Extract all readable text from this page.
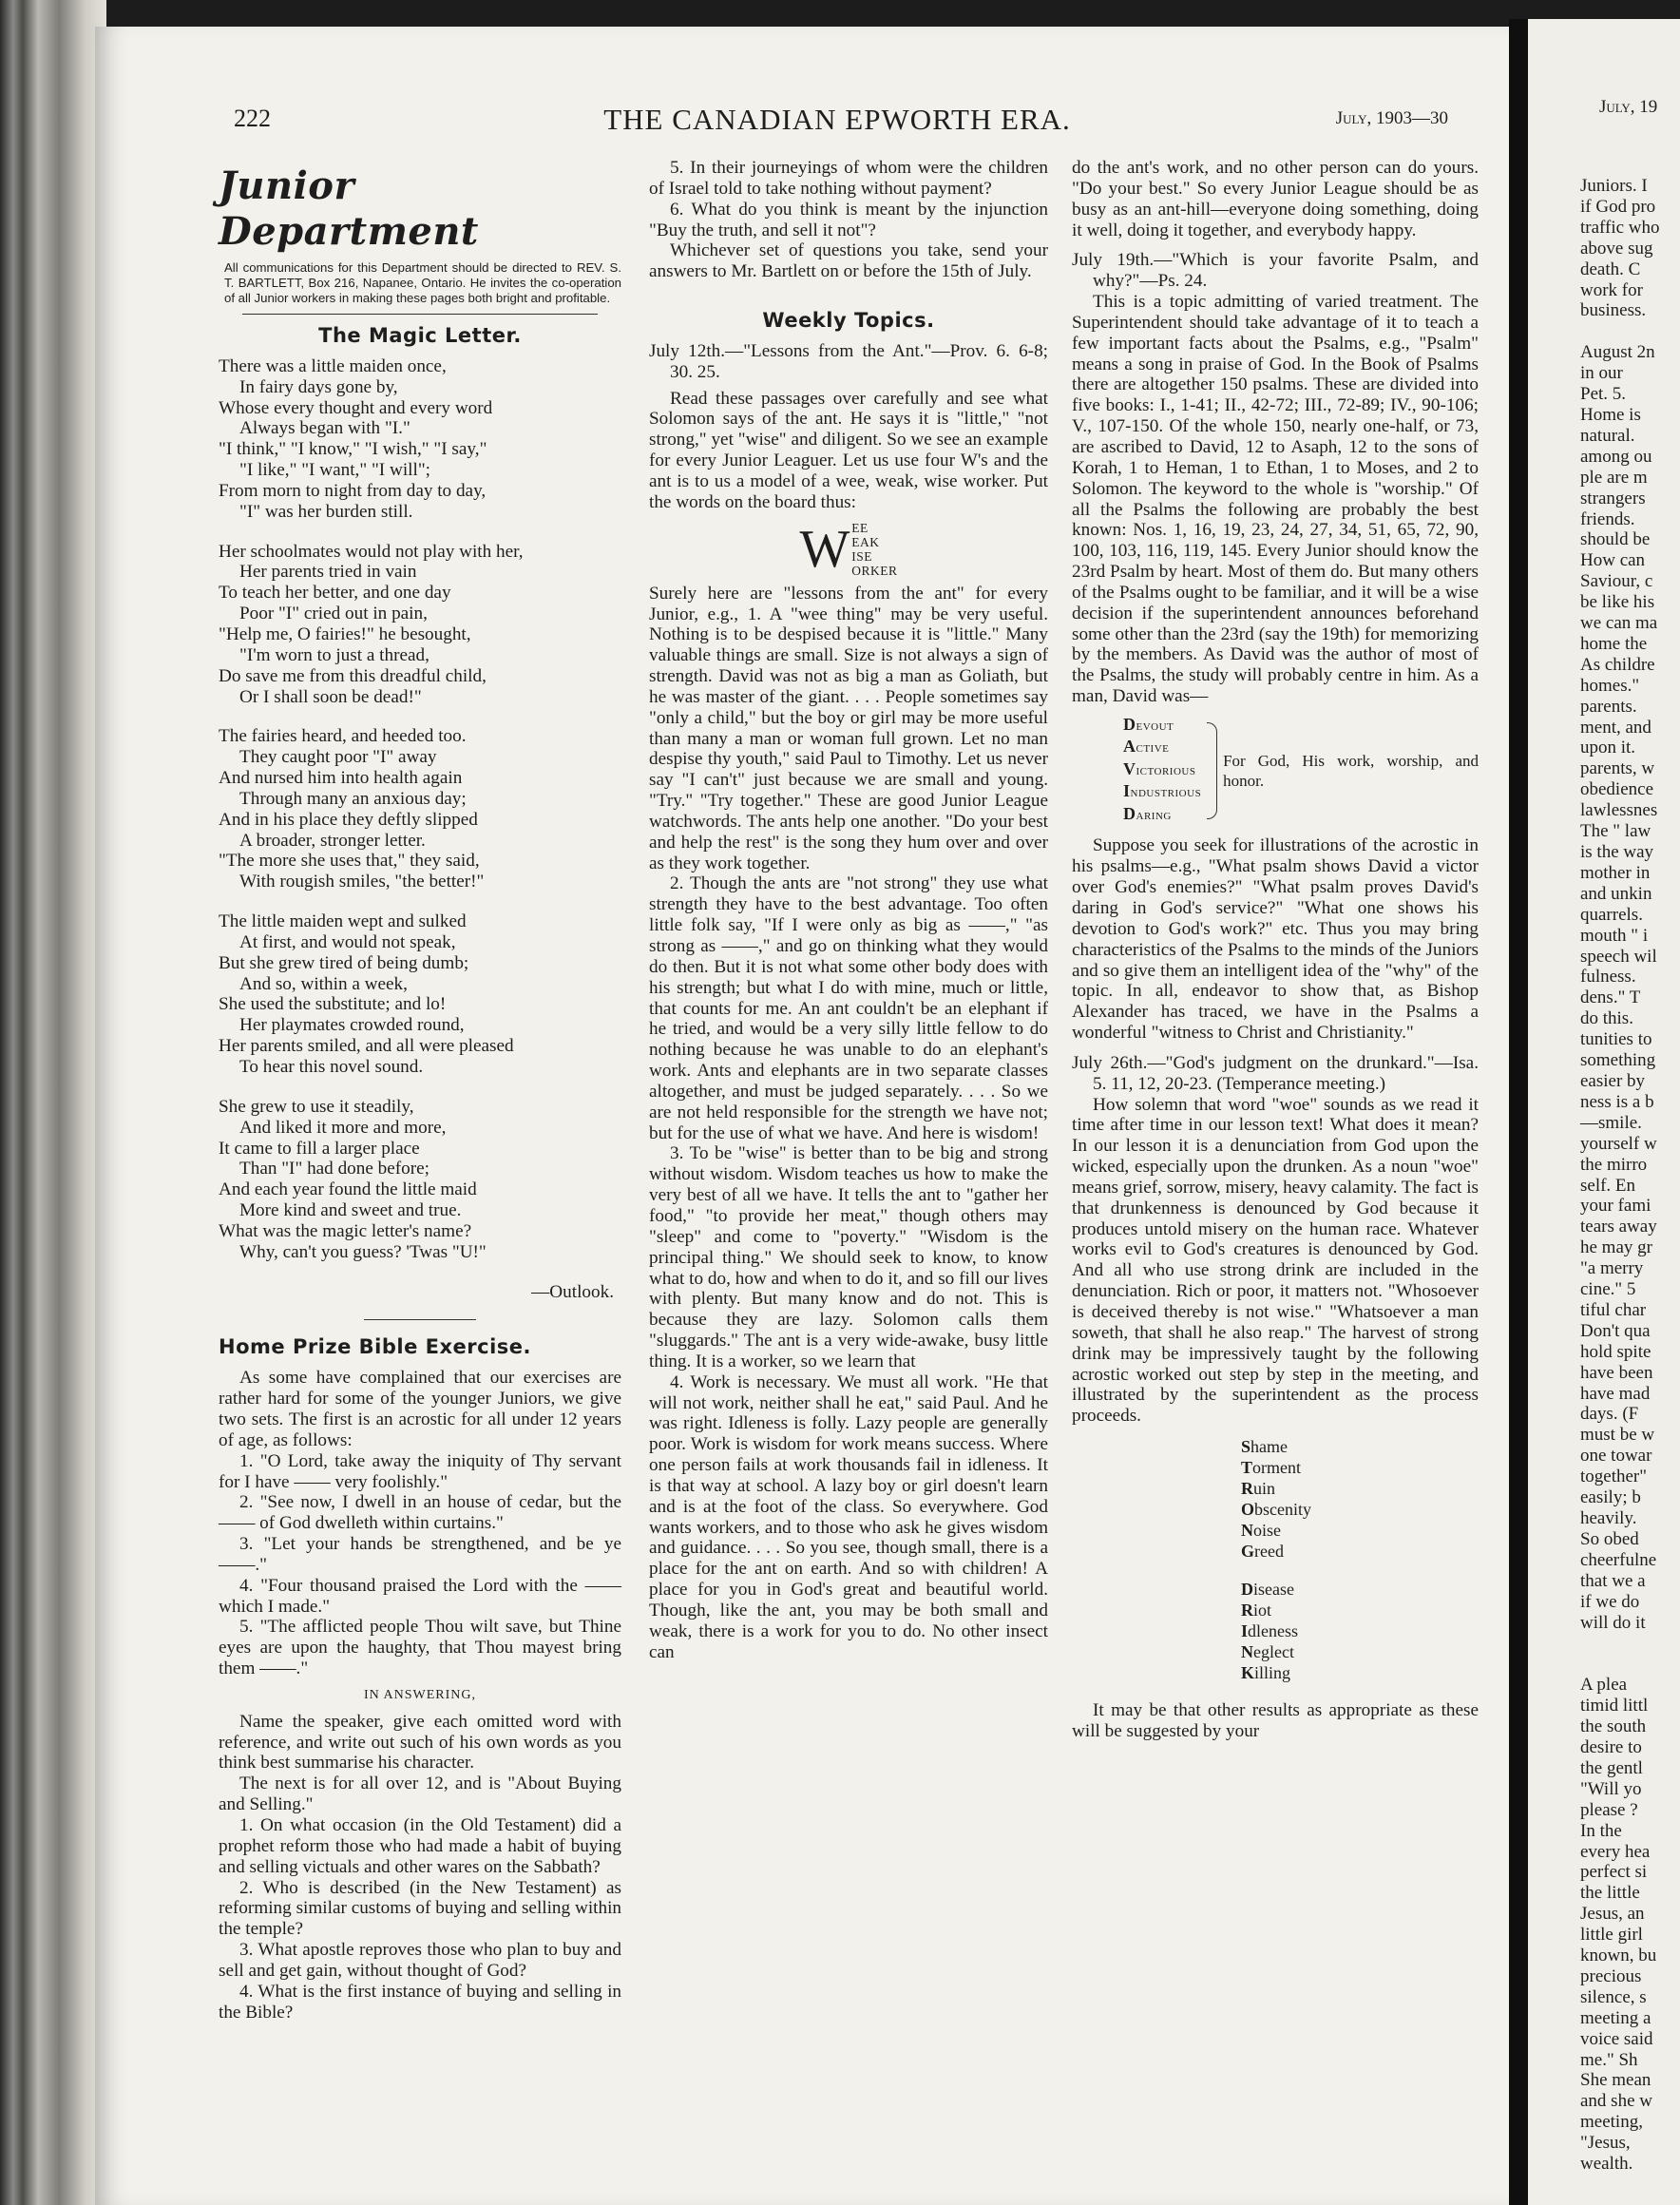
July, 19
Juniors. I
if God pro
traffic who
above sug
death. C
work for
business.

August 2n
in our
Pet. 5.
Home is
natural.
among ou
ple are m
strangers
friends.
should be
How can
Saviour, c
be like his
we can ma
home the
As childre
homes."
parents.
ment, and
upon it.
parents, w
obedience
lawlessnes
The " law
is the way
mother in
and unkin
quarrels.
mouth " i
speech wil
fulness.
dens." T
do this.
tunities to
something
easier by
ness is a b
—smile.
yourself w
the mirro
self. En
your fami
tears away
he may gr
"a merry
cine." 5
tiful char
Don't qua
hold spite
have been
have mad
days. (F
must be w
one towar
together"
easily; b
heavily.
So obed
cheerfulne
that we a
if we do
will do it

A plea
timid littl
the south
desire to
the gentl
"Will yo
please ?
In the
every hea
perfect si
the little
Jesus, an
little girl
known, bu
precious
silence, s
meeting a
voice said
me." Sh
She mean
and she w
meeting,
"Jesus,
wealth.
222	THE CANADIAN EPWORTH ERA.	July, 1903—30
Junior Department

All communications for this Department should be directed to REV. S. T. BARTLETT, Box 216, Napanee, Ontario. He invites the co-operation of all Junior workers in making these pages both bright and profitable.

The Magic Letter.
There was a little maiden once,
In fairy days gone by,
Whose every thought and every word
Always began with "I."
"I think," "I know," "I wish," "I say,"
"I like," "I want," "I will";
From morn to night from day to day,
"I" was her burden still.
Her schoolmates would not play with her,
Her parents tried in vain
To teach her better, and one day
Poor "I" cried out in pain,
"Help me, O fairies!" he besought,
"I'm worn to just a thread,
Do save me from this dreadful child,
Or I shall soon be dead!"
The fairies heard, and heeded too.
They caught poor "I" away
And nursed him into health again
Through many an anxious day;
And in his place they deftly slipped
A broader, stronger letter.
"The more she uses that," they said,
With rougish smiles, "the better!"
The little maiden wept and sulked
At first, and would not speak,
But she grew tired of being dumb;
And so, within a week,
She used the substitute; and lo!
Her playmates crowded round,
Her parents smiled, and all were pleased
To hear this novel sound.
She grew to use it steadily,
And liked it more and more,
It came to fill a larger place
Than "I" had done before;
And each year found the little maid
More kind and sweet and true.
What was the magic letter's name?
Why, can't you guess? 'Twas "U!"
—Outlook.
Home Prize Bible Exercise.

As some have complained that our exercises are rather hard for some of the younger Juniors, we give two sets. The first is an acrostic for all under 12 years of age, as follows:

1. "O Lord, take away the iniquity of Thy servant for I have —— very foolishly."

2. "See now, I dwell in an house of cedar, but the —— of God dwelleth within curtains."

3. "Let your hands be strengthened, and be ye ——."

4. "Four thousand praised the Lord with the —— which I made."

5. "The afflicted people Thou wilt save, but Thine eyes are upon the haughty, that Thou mayest bring them ——."

IN ANSWERING,

Name the speaker, give each omitted word with reference, and write out such of his own words as you think best summarise his character.

The next is for all over 12, and is "About Buying and Selling."

1. On what occasion (in the Old Testament) did a prophet reform those who had made a habit of buying and selling victuals and other wares on the Sabbath?

2. Who is described (in the New Testament) as reforming similar customs of buying and selling within the temple?

3. What apostle reproves those who plan to buy and sell and get gain, without thought of God?

4. What is the first instance of buying and selling in the Bible?

5. In their journeyings of whom were the children of Israel told to take nothing without payment?

6. What do you think is meant by the injunction "Buy the truth, and sell it not"?

Whichever set of questions you take, send your answers to Mr. Bartlett on or before the 15th of July.

Weekly Topics.

July 12th.—"Lessons from the Ant."—Prov. 6. 6-8; 30. 25.

Read these passages over carefully and see what Solomon says of the ant. He says it is "little," "not strong," yet "wise" and diligent. So we see an example for every Junior Leaguer. Let us use four W's and the ant is to us a model of a wee, weak, wise worker. Put the words on the board thus:

W EE
EAK
ISE
ORKER

Surely here are "lessons from the ant" for every Junior, e.g., 1. A "wee thing" may be very useful. Nothing is to be despised because it is "little." Many valuable things are small. Size is not always a sign of strength. David was not as big a man as Goliath, but he was master of the giant. . . . People sometimes say "only a child," but the boy or girl may be more useful than many a man or woman full grown. Let no man despise thy youth," said Paul to Timothy. Let us never say "I can't" just because we are small and young. "Try." "Try together." These are good Junior League watchwords. The ants help one another. "Do your best and help the rest" is the song they hum over and over as they work together.

2. Though the ants are "not strong" they use what strength they have to the best advantage. Too often little folk say, "If I were only as big as ——," "as strong as ——," and go on thinking what they would do then. But it is not what some other body does with his strength; but what I do with mine, much or little, that counts for me. An ant couldn't be an elephant if he tried, and would be a very silly little fellow to do nothing because he was unable to do an elephant's work. Ants and elephants are in two separate classes altogether, and must be judged separately. . . . So we are not held responsible for the strength we have not; but for the use of what we have. And here is wisdom!

3. To be "wise" is better than to be big and strong without wisdom. Wisdom teaches us how to make the very best of all we have. It tells the ant to "gather her food," "to provide her meat," though others may "sleep" and come to "poverty." "Wisdom is the principal thing." We should seek to know, to know what to do, how and when to do it, and so fill our lives with plenty. But many know and do not. This is because they are lazy. Solomon calls them "sluggards." The ant is a very wide-awake, busy little thing. It is a worker, so we learn that

4. Work is necessary. We must all work. "He that will not work, neither shall he eat," said Paul. And he was right. Idleness is folly. Lazy people are generally poor. Work is wisdom for work means success. Where one person fails at work thousands fail in idleness. It is that way at school. A lazy boy or girl doesn't learn and is at the foot of the class. So everywhere. God wants workers, and to those who ask he gives wisdom and guidance. . . . So you see, though small, there is a place for the ant on earth. And so with children! A place for you in God's great and beautiful world. Though, like the ant, you may be both small and weak, there is a work for you to do. No other insect can

do the ant's work, and no other person can do yours. "Do your best." So every Junior League should be as busy as an ant-hill—everyone doing something, doing it well, doing it together, and everybody happy.

July 19th.—"Which is your favorite Psalm, and why?"—Ps. 24.

This is a topic admitting of varied treatment. The Superintendent should take advantage of it to teach a few important facts about the Psalms, e.g., "Psalm" means a song in praise of God. In the Book of Psalms there are altogether 150 psalms. These are divided into five books: I., 1-41; II., 42-72; III., 72-89; IV., 90-106; V., 107-150. Of the whole 150, nearly one-half, or 73, are ascribed to David, 12 to Asaph, 12 to the sons of Korah, 1 to Heman, 1 to Ethan, 1 to Moses, and 2 to Solomon. The keyword to the whole is "worship." Of all the Psalms the following are probably the best known: Nos. 1, 16, 19, 23, 24, 27, 34, 51, 65, 72, 90, 100, 103, 116, 119, 145. Every Junior should know the 23rd Psalm by heart. Most of them do. But many others of the Psalms ought to be familiar, and it will be a wise decision if the superintendent announces beforehand some other than the 23rd (say the 19th) for memorizing by the members. As David was the author of most of the Psalms, the study will probably centre in him. As a man, David was—

Devout
Active
Victorious
Industrious
Daring
For God, His work, worship, and honor.

Suppose you seek for illustrations of the acrostic in his psalms—e.g., "What psalm shows David a victor over God's enemies?" "What psalm proves David's daring in God's service?" "What one shows his devotion to God's work?" etc. Thus you may bring characteristics of the Psalms to the minds of the Juniors and so give them an intelligent idea of the "why" of the topic. In all, endeavor to show that, as Bishop Alexander has traced, we have in the Psalms a wonderful "witness to Christ and Christianity."

July 26th.—"God's judgment on the drunkard."—Isa. 5. 11, 12, 20-23. (Temperance meeting.)

How solemn that word "woe" sounds as we read it time after time in our lesson text! What does it mean? In our lesson it is a denunciation from God upon the wicked, especially upon the drunken. As a noun "woe" means grief, sorrow, misery, heavy calamity. The fact is that drunkenness is denounced by God because it produces untold misery on the human race. Whatever works evil to God's creatures is denounced by God. And all who use strong drink are included in the denunciation. Rich or poor, it matters not. "Whosoever is deceived thereby is not wise." "Whatsoever a man soweth, that shall he also reap." The harvest of strong drink may be impressively taught by the following acrostic worked out step by step in the meeting, and illustrated by the superintendent as the process proceeds.

Shame
Torment
Ruin
Obscenity
Noise
Greed
Disease
Riot
Idleness
Neglect
Killing

It may be that other results as appropriate as these will be suggested by your
